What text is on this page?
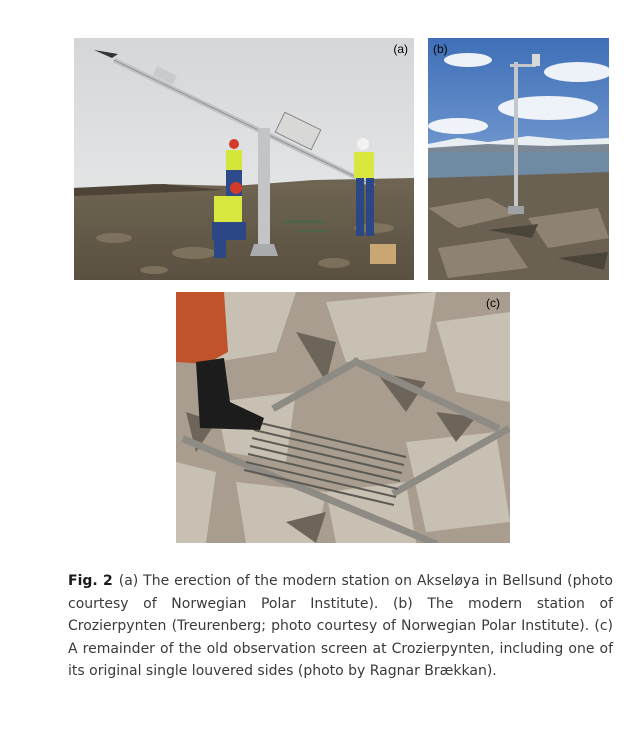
(a) (b)
(c)
Fig. 2 (a) The erection of the modern station on Akseløya in Bellsund (photo courtesy of Norwegian Polar Institute). (b) The modern station of Crozierpynten (Treurenberg; photo courtesy of Norwegian Polar Institute). (c) A remainder of the old observation screen at Crozierpynten, including one of its original single louvered sides (photo by Ragnar Brækkan).
